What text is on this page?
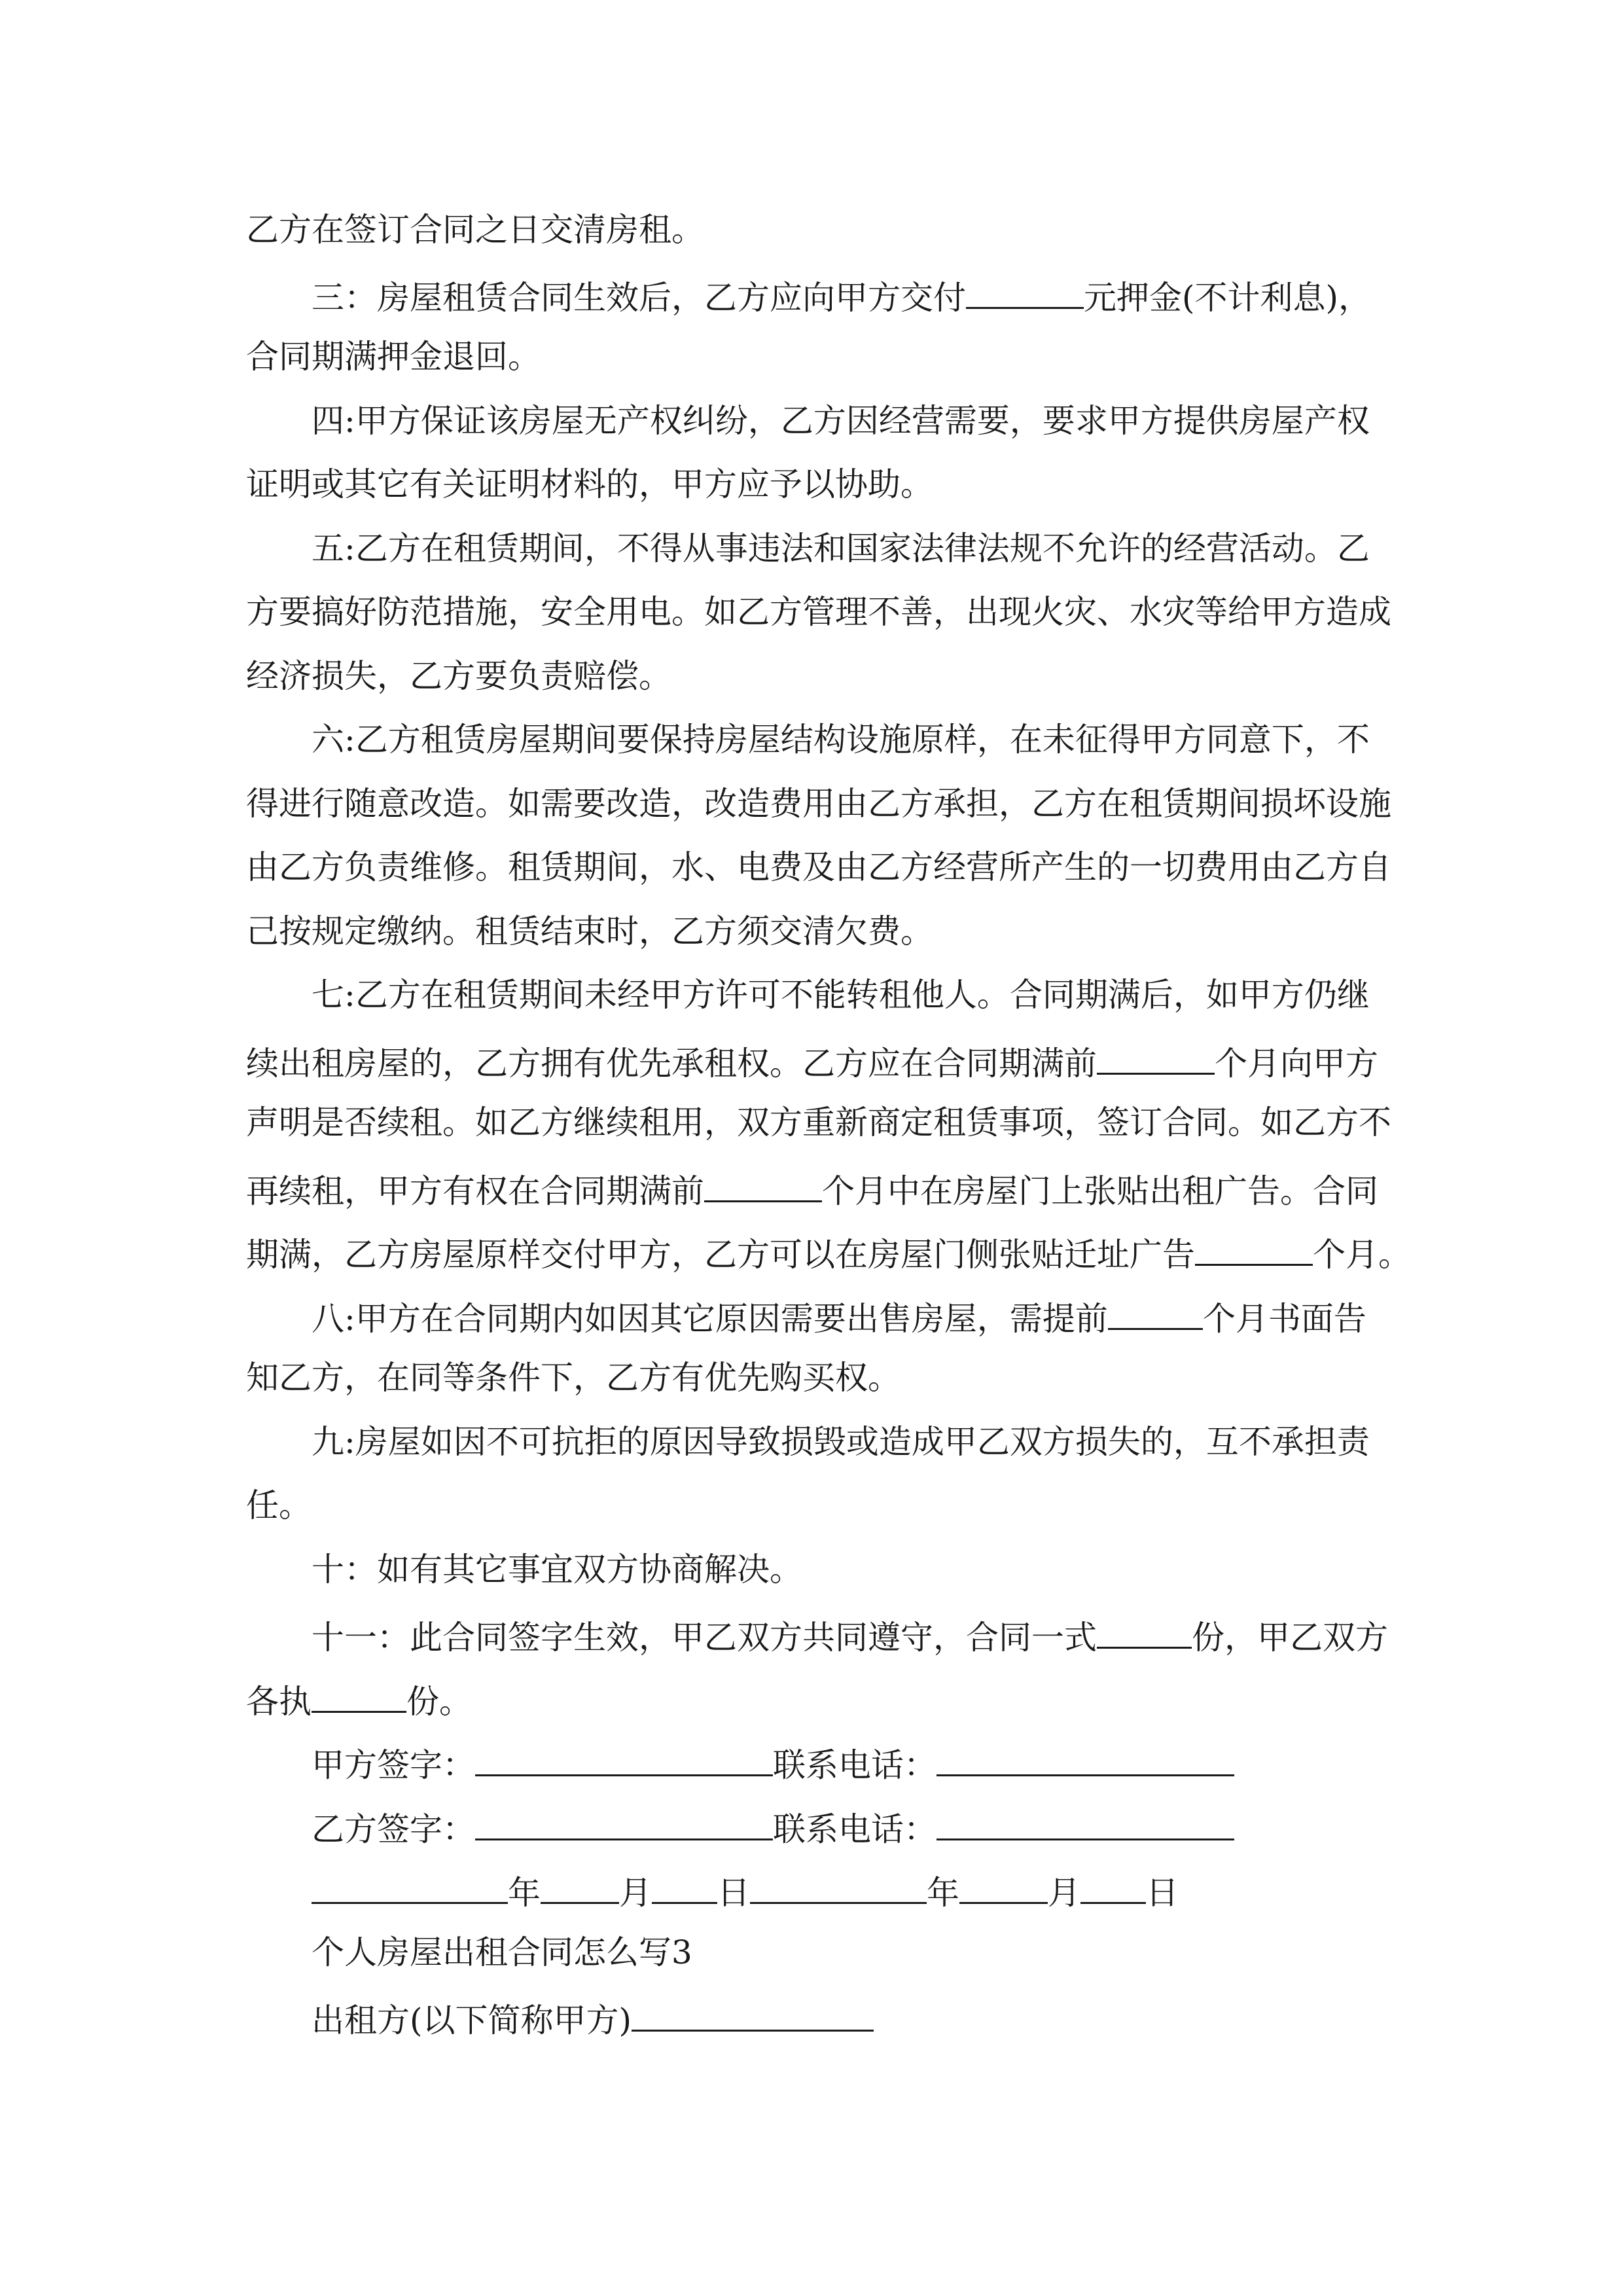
乙方在签订合同之日交清房租。

三：房屋租赁合同生效后，乙方应向甲方交付	元押金(不计利息)，

合同期满押金退回。

四:甲方保证该房屋无产权纠纷，乙方因经营需要，要求甲方提供房屋产权

证明或其它有关证明材料的，甲方应予以协助。

五:乙方在租赁期间，不得从事违法和国家法律法规不允许的经营活动。乙

方要搞好防范措施，安全用电。如乙方管理不善，出现火灾、水灾等给甲方造成

经济损失，乙方要负责赔偿。

六:乙方租赁房屋期间要保持房屋结构设施原样，在未征得甲方同意下，不

得进行随意改造。如需要改造，改造费用由乙方承担，乙方在租赁期间损坏设施

由乙方负责维修。租赁期间，水、电费及由乙方经营所产生的一切费用由乙方自

己按规定缴纳。租赁结束时，乙方须交清欠费。

七:乙方在租赁期间未经甲方许可不能转租他人。合同期满后，如甲方仍继

续出租房屋的，乙方拥有优先承租权。乙方应在合同期满前	个月向甲方

声明是否续租。如乙方继续租用，双方重新商定租赁事项，签订合同。如乙方不

再续租，甲方有权在合同期满前	个月中在房屋门上张贴出租广告。合同

期满，乙方房屋原样交付甲方，乙方可以在房屋门侧张贴迁址广告	个月。

八:甲方在合同期内如因其它原因需要出售房屋，需提前	个月书面告

知乙方，在同等条件下，乙方有优先购买权。

九:房屋如因不可抗拒的原因导致损毁或造成甲乙双方损失的，互不承担责

任。

十：如有其它事宜双方协商解决。

十一：此合同签字生效，甲乙双方共同遵守，合同一式	份，甲乙双方

各执	份。

甲方签字：	联系电话：

乙方签字：	联系电话：

年 月 日	年	月 日

个人房屋出租合同怎么写3

出租方(以下简称甲方)
